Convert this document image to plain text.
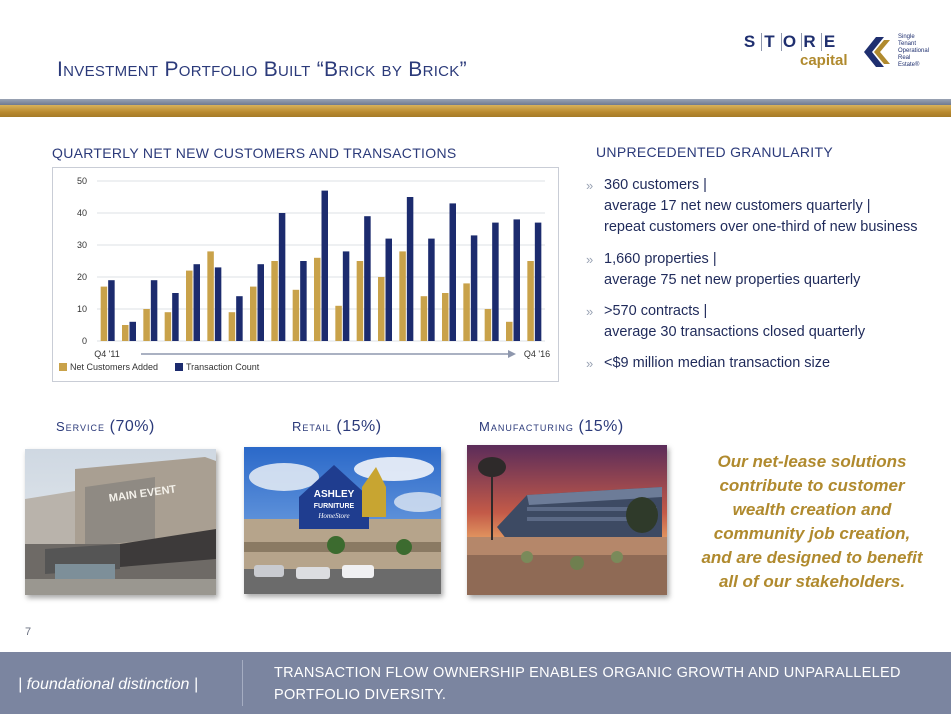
Investment Portfolio Built “Brick by Brick”
S T O R E
capital
Single
Tenant
Operational
Real
Estate®
QUARTERLY NET NEW CUSTOMERS AND TRANSACTIONS
0
10
20
30
40
50
Q4 '11	Q4 '16
Net Customers Added	Transaction Count
UNPRECEDENTED GRANULARITY
» 360 customers |
average 17 net new customers quarterly |
repeat customers over one-third of new business
» 1,660 properties |
average 75 net new properties quarterly
» >570 contracts |
average 30 transactions closed quarterly
» <$9 million median transaction size
Service (70%)	Retail (15%)	Manufacturing (15%)
MAIN EVENT	ASHLEY
FURNITURE
HomeStore
Our net-lease solutions
contribute to customer
wealth creation and
community job creation,
and are designed to benefit
all of our stakeholders.
7
| foundational distinction |
TRANSACTION FLOW OWNERSHIP ENABLES ORGANIC GROWTH AND UNPARALLELED PORTFOLIO DIVERSITY.
